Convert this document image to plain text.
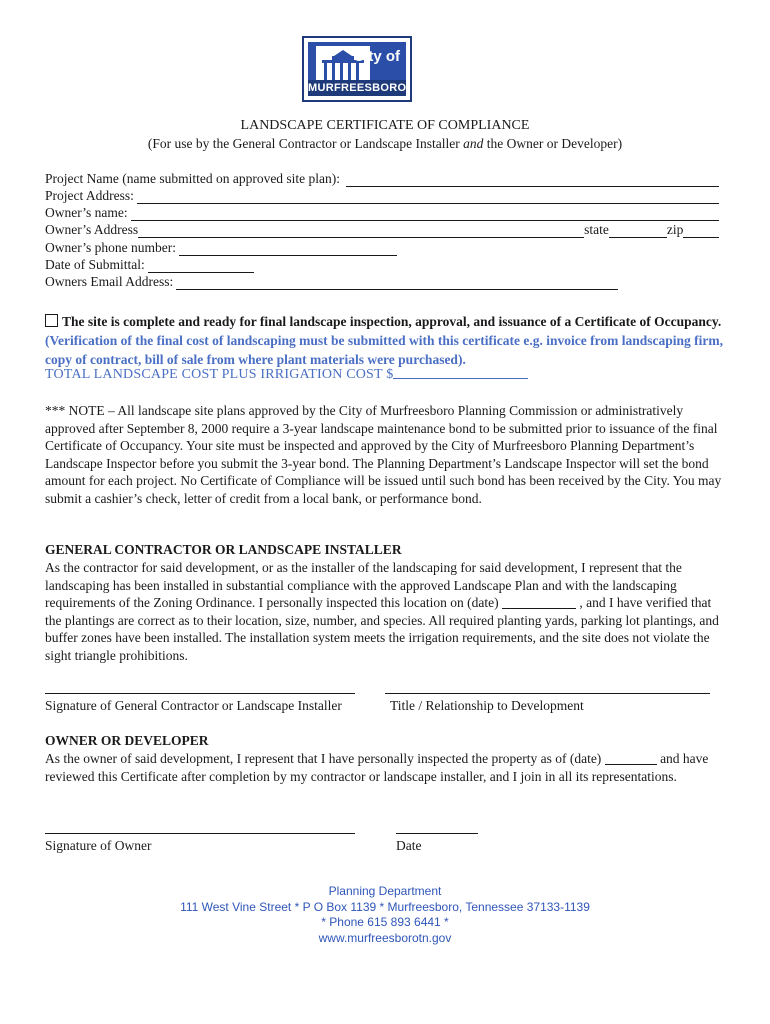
City of
MURFREESBORO
LANDSCAPE CERTIFICATE OF COMPLIANCE
(For use by the General Contractor or Landscape Installer and the Owner or Developer)
Project Name (name submitted on approved site plan):
Project Address:
Owner’s name:
Owner’s Address	state	zip
Owner’s phone number:
Date of Submittal:
Owners Email Address:
The site is complete and ready for final landscape inspection, approval, and issuance of a Certificate of Occupancy. (Verification of the final cost of landscaping must be submitted with this certificate e.g. invoice from landscaping firm, copy of contract, bill of sale from where plant materials were purchased).
TOTAL LANDSCAPE COST PLUS IRRIGATION COST $
*** NOTE – All landscape site plans approved by the City of Murfreesboro Planning Commission or administratively approved after September 8, 2000 require a 3-year landscape maintenance bond to be submitted prior to issuance of the final Certificate of Occupancy. Your site must be inspected and approved by the City of Murfreesboro Planning Department’s Landscape Inspector before you submit the 3-year bond. The Planning Department’s Landscape Inspector will set the bond amount for each project. No Certificate of Compliance will be issued until such bond has been received by the City. You may submit a cashier’s check, letter of credit from a local bank, or performance bond.
GENERAL CONTRACTOR OR LANDSCAPE INSTALLER
As the contractor for said development, or as the installer of the landscaping for said development, I represent that the landscaping has been installed in substantial compliance with the approved Landscape Plan and with the landscaping requirements of the Zoning Ordinance. I personally inspected this location on (date)	, and I have verified that the plantings are correct as to their location, size, number, and species. All required planting yards, parking lot plantings, and buffer zones have been installed. The installation system meets the irrigation requirements, and the site does not violate the sight triangle prohibitions.
Signature of General Contractor or Landscape Installer	Title / Relationship to Development
OWNER OR DEVELOPER
As the owner of said development, I represent that I have personally inspected the property as of (date)	and have reviewed this Certificate after completion by my contractor or landscape installer, and I join in all its representations.
Signature of Owner	Date
Planning Department
111 West Vine Street * P O Box 1139 * Murfreesboro, Tennessee 37133-1139
* Phone 615 893 6441 *
www.murfreesborotn.gov
